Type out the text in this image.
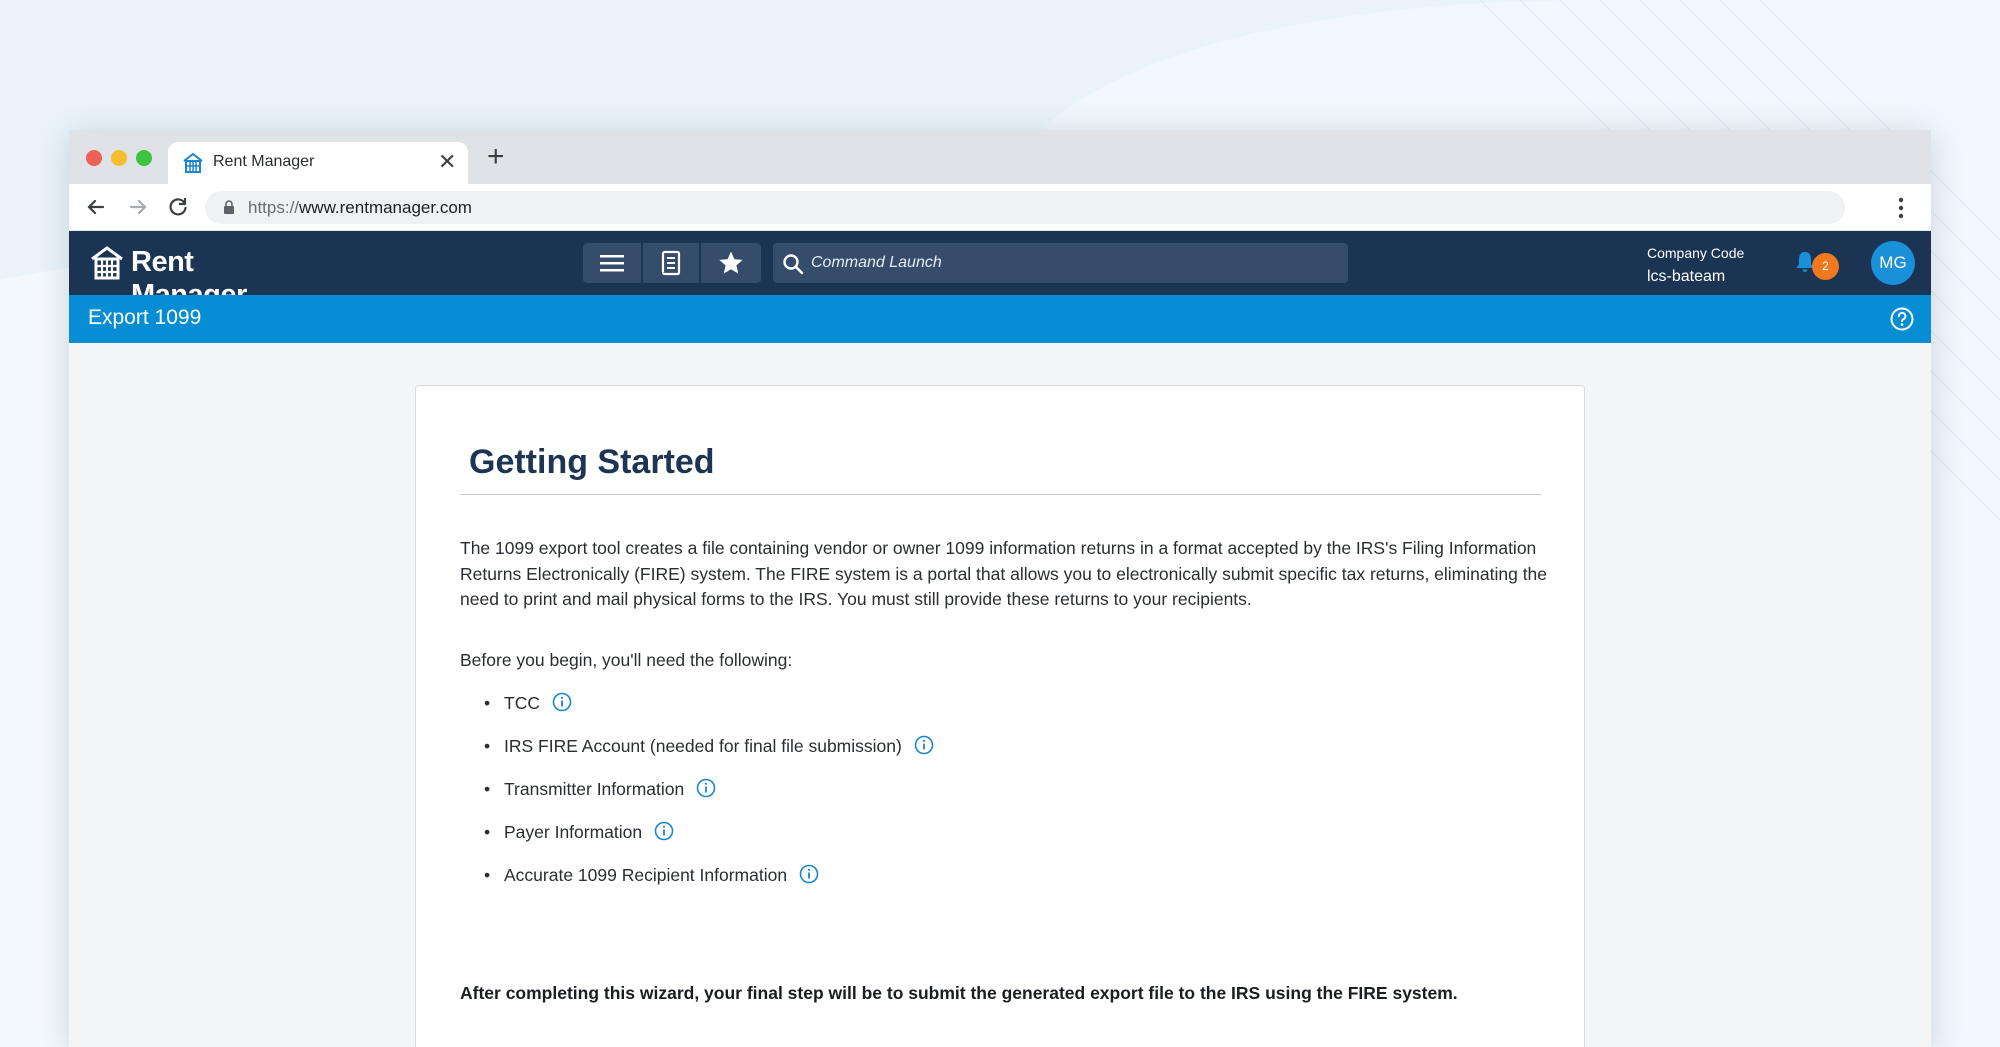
Rent Manager	✕ +
https://www.rentmanager.com
Rent	Command Launch
Company Code
lcs-bateam
2	MG
Export 1099
Getting Started

The 1099 export tool creates a file containing vendor or owner 1099 information returns in a format accepted by the IRS's Filing Information Returns Electronically (FIRE) system. The FIRE system is a portal that allows you to electronically submit specific tax returns, eliminating the need to print and mail physical forms to the IRS. You must still provide these returns to your recipients.

Before you begin, you'll need the following:

• TCC
• IRS FIRE Account (needed for final file submission)
• Transmitter Information
• Payer Information
• Accurate 1099 Recipient Information

After completing this wizard, your final step will be to submit the generated export file to the IRS using the FIRE system.
